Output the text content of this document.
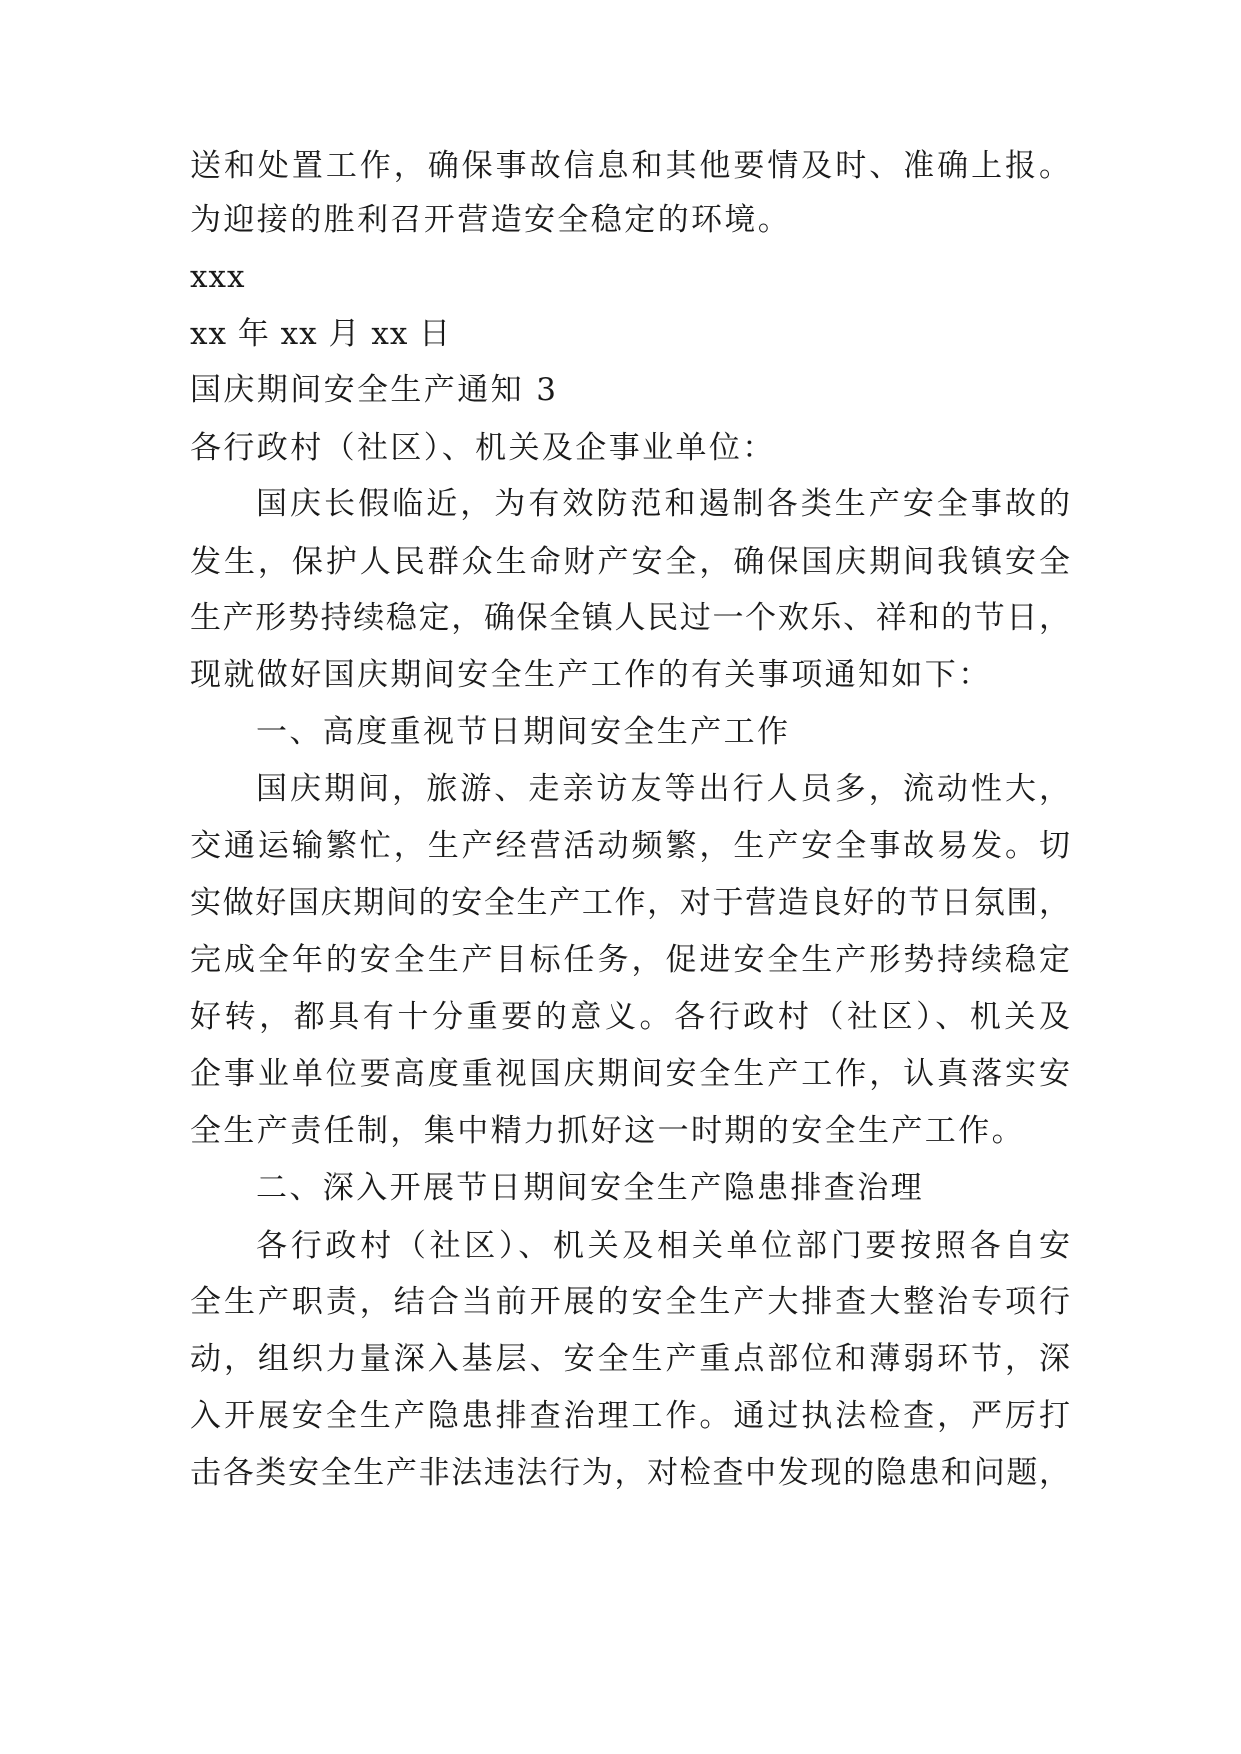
送和处置工作，确保事故信息和其他要情及时、准确上报。
为迎接的胜利召开营造安全稳定的环境。
xxx
xx 年 xx 月 xx 日
国庆期间安全生产通知 3
各行政村（社区）、机关及企事业单位：
国庆长假临近，为有效防范和遏制各类生产安全事故的
发生，保护人民群众生命财产安全，确保国庆期间我镇安全
生产形势持续稳定，确保全镇人民过一个欢乐、祥和的节日，
现就做好国庆期间安全生产工作的有关事项通知如下：
一、高度重视节日期间安全生产工作
国庆期间，旅游、走亲访友等出行人员多，流动性大，
交通运输繁忙，生产经营活动频繁，生产安全事故易发。切
实做好国庆期间的安全生产工作，对于营造良好的节日氛围，
完成全年的安全生产目标任务，促进安全生产形势持续稳定
好转，都具有十分重要的意义。各行政村（社区）、机关及
企事业单位要高度重视国庆期间安全生产工作，认真落实安
全生产责任制，集中精力抓好这一时期的安全生产工作。
二、深入开展节日期间安全生产隐患排查治理
各行政村（社区）、机关及相关单位部门要按照各自安
全生产职责，结合当前开展的安全生产大排查大整治专项行
动，组织力量深入基层、安全生产重点部位和薄弱环节，深
入开展安全生产隐患排查治理工作。通过执法检查，严厉打
击各类安全生产非法违法行为，对检查中发现的隐患和问题，
